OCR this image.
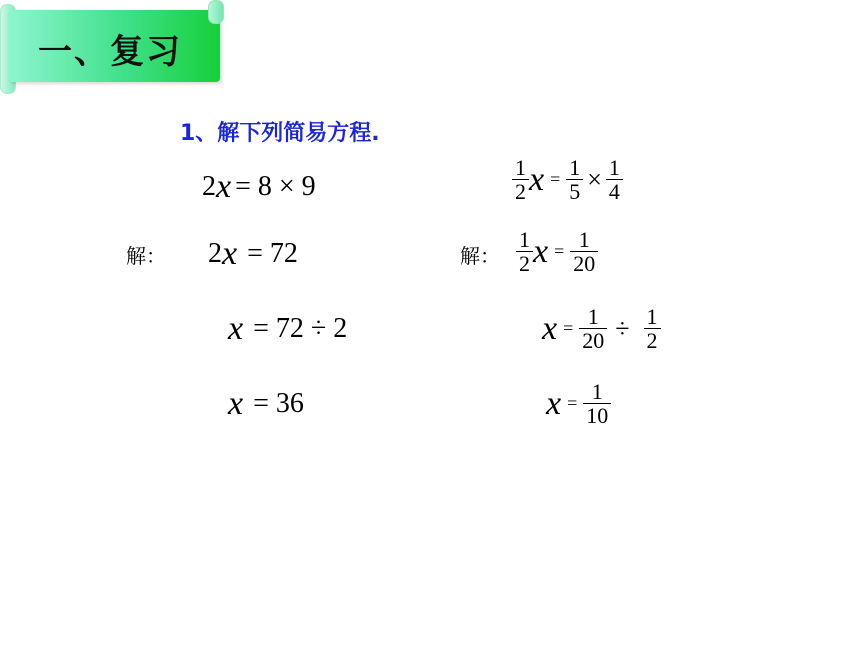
一、复习
1、解下列简易方程.
2 x = 8 × 9
解： 2 x = 72
x = 72 ÷ 2
x = 36
$\frac{1}{2}$ $x = \frac{1}{5} \times \frac{1}{4}$
解： $\frac{1}{2}$ $x = \frac{1}{20}$
$x = \frac{1}{20} \div \frac{1}{2}$
$x = \frac{1}{10}$
